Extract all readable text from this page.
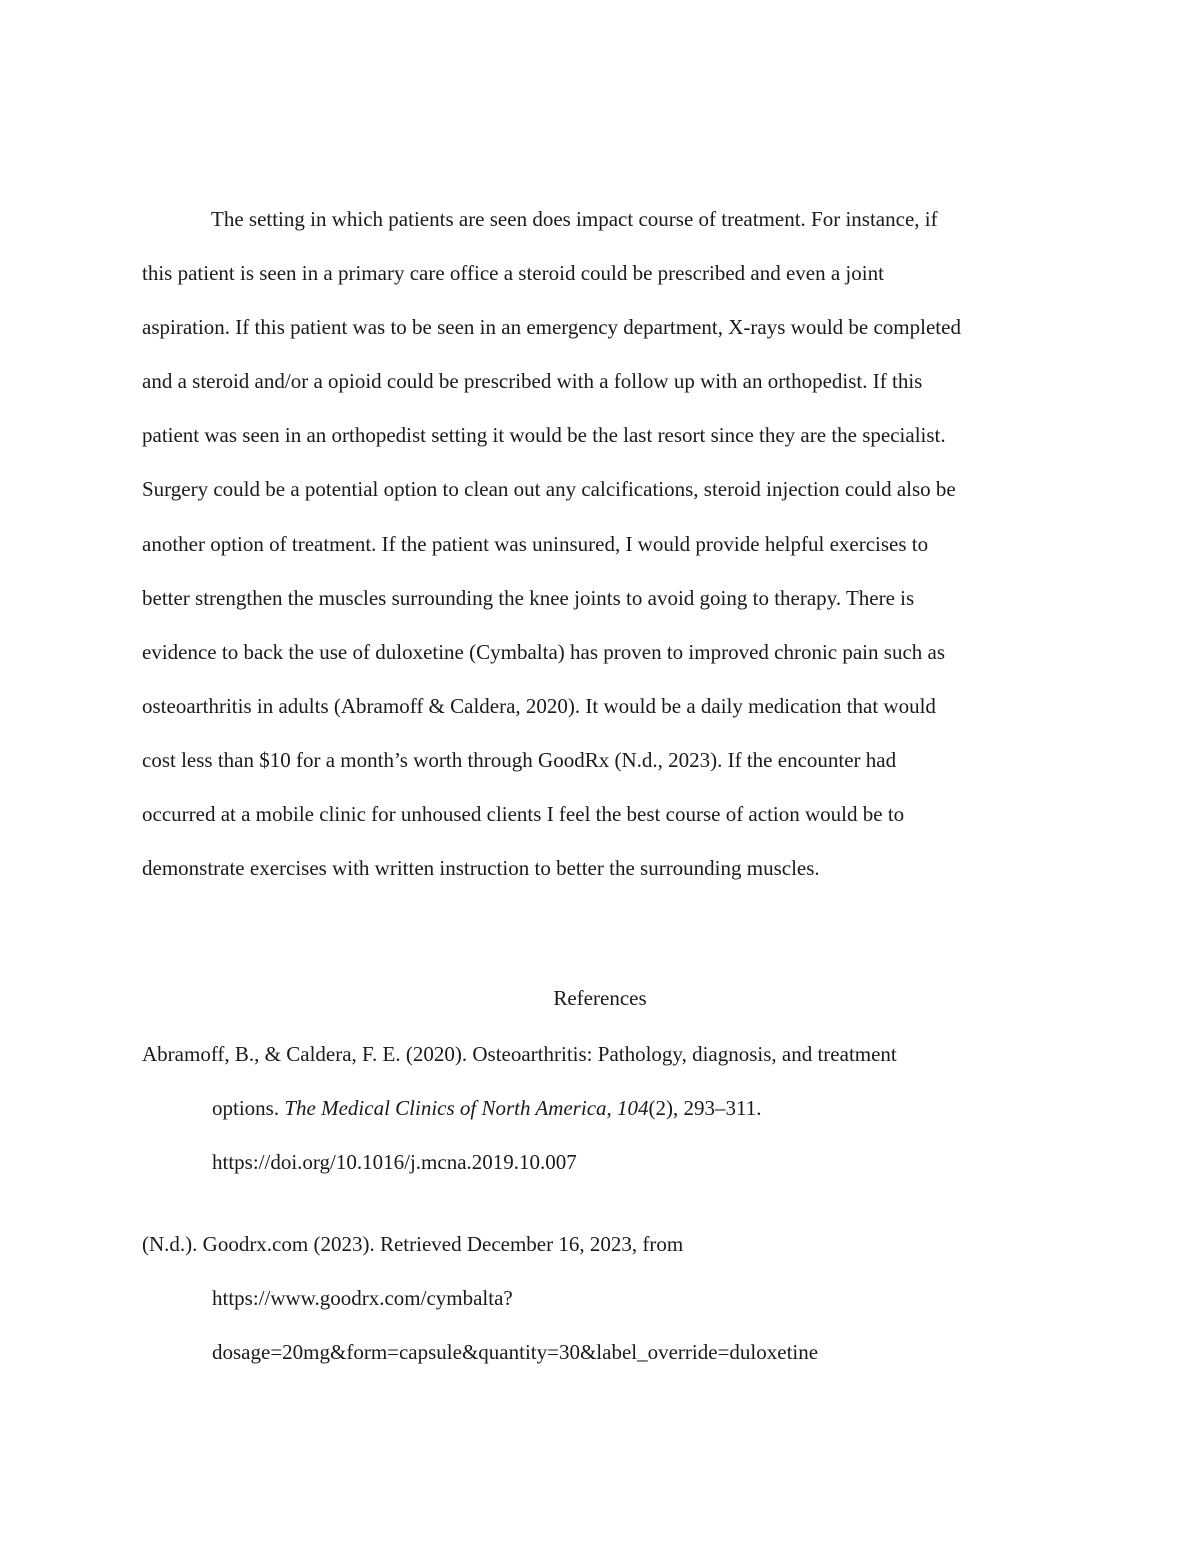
The setting in which patients are seen does impact course of treatment. For instance, if
this patient is seen in a primary care office a steroid could be prescribed and even a joint
aspiration. If this patient was to be seen in an emergency department, X-rays would be completed
and a steroid and/or a opioid could be prescribed with a follow up with an orthopedist. If this
patient was seen in an orthopedist setting it would be the last resort since they are the specialist.
Surgery could be a potential option to clean out any calcifications, steroid injection could also be
another option of treatment. If the patient was uninsured, I would provide helpful exercises to
better strengthen the muscles surrounding the knee joints to avoid going to therapy. There is
evidence to back the use of duloxetine (Cymbalta) has proven to improved chronic pain such as
osteoarthritis in adults (Abramoff & Caldera, 2020). It would be a daily medication that would
cost less than $10 for a month’s worth through GoodRx (N.d., 2023). If the encounter had
occurred at a mobile clinic for unhoused clients I feel the best course of action would be to
demonstrate exercises with written instruction to better the surrounding muscles.

References

Abramoff, B., & Caldera, F. E. (2020). Osteoarthritis: Pathology, diagnosis, and treatment
options. The Medical Clinics of North America, 104(2), 293–311.
https://doi.org/10.1016/j.mcna.2019.10.007

(N.d.). Goodrx.com (2023). Retrieved December 16, 2023, from
https://www.goodrx.com/cymbalta?
dosage=20mg&form=capsule&quantity=30&label_override=duloxetine
